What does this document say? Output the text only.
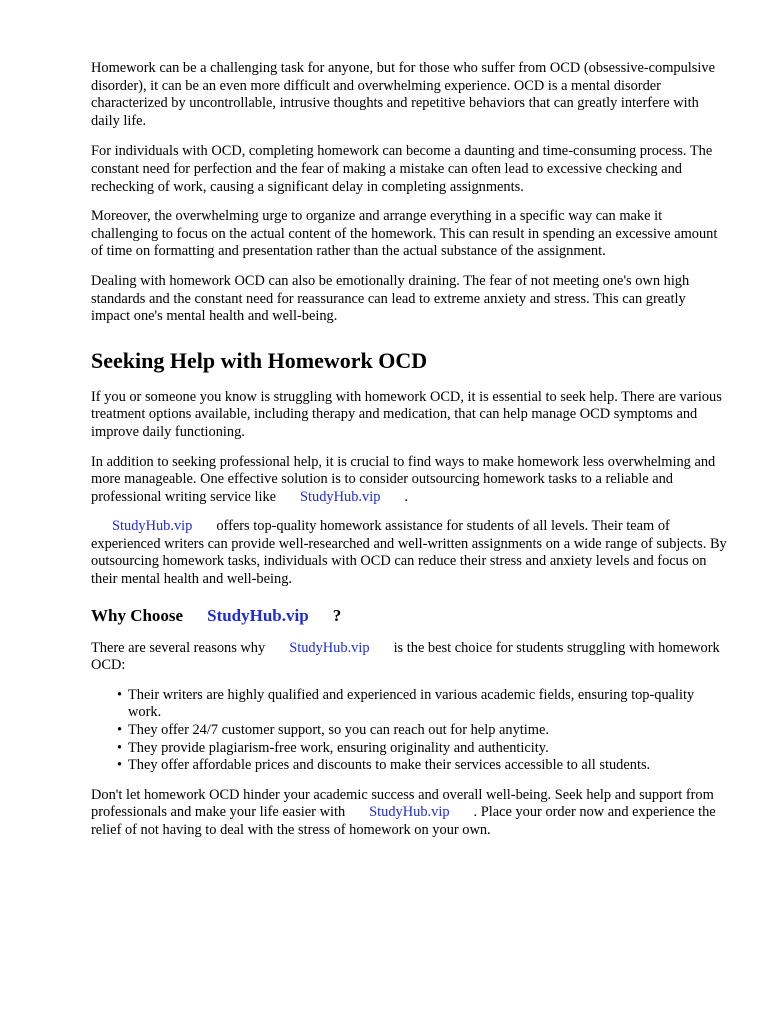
Homework can be a challenging task for anyone, but for those who suffer from OCD (obsessive-compulsive disorder), it can be an even more difficult and overwhelming experience. OCD is a mental disorder characterized by uncontrollable, intrusive thoughts and repetitive behaviors that can greatly interfere with daily life.

For individuals with OCD, completing homework can become a daunting and time-consuming process. The constant need for perfection and the fear of making a mistake can often lead to excessive checking and rechecking of work, causing a significant delay in completing assignments.

Moreover, the overwhelming urge to organize and arrange everything in a specific way can make it challenging to focus on the actual content of the homework. This can result in spending an excessive amount of time on formatting and presentation rather than the actual substance of the assignment.

Dealing with homework OCD can also be emotionally draining. The fear of not meeting one's own high standards and the constant need for reassurance can lead to extreme anxiety and stress. This can greatly impact one's mental health and well-being.

Seeking Help with Homework OCD

If you or someone you know is struggling with homework OCD, it is essential to seek help. There are various treatment options available, including therapy and medication, that can help manage OCD symptoms and improve daily functioning.

In addition to seeking professional help, it is crucial to find ways to make homework less overwhelming and more manageable. One effective solution is to consider outsourcing homework tasks to a reliable and professional writing service like StudyHub.vip .

StudyHub.vip offers top-quality homework assistance for students of all levels. Their team of experienced writers can provide well-researched and well-written assignments on a wide range of subjects. By outsourcing homework tasks, individuals with OCD can reduce their stress and anxiety levels and focus on their mental health and well-being.

Why Choose StudyHub.vip ?

There are several reasons why StudyHub.vip is the best choice for students struggling with homework OCD:

• Their writers are highly qualified and experienced in various academic fields, ensuring top-quality work.
• They offer 24/7 customer support, so you can reach out for help anytime.
• They provide plagiarism-free work, ensuring originality and authenticity.
• They offer affordable prices and discounts to make their services accessible to all students.

Don't let homework OCD hinder your academic success and overall well-being. Seek help and support from professionals and make your life easier with StudyHub.vip . Place your order now and experience the relief of not having to deal with the stress of homework on your own.
